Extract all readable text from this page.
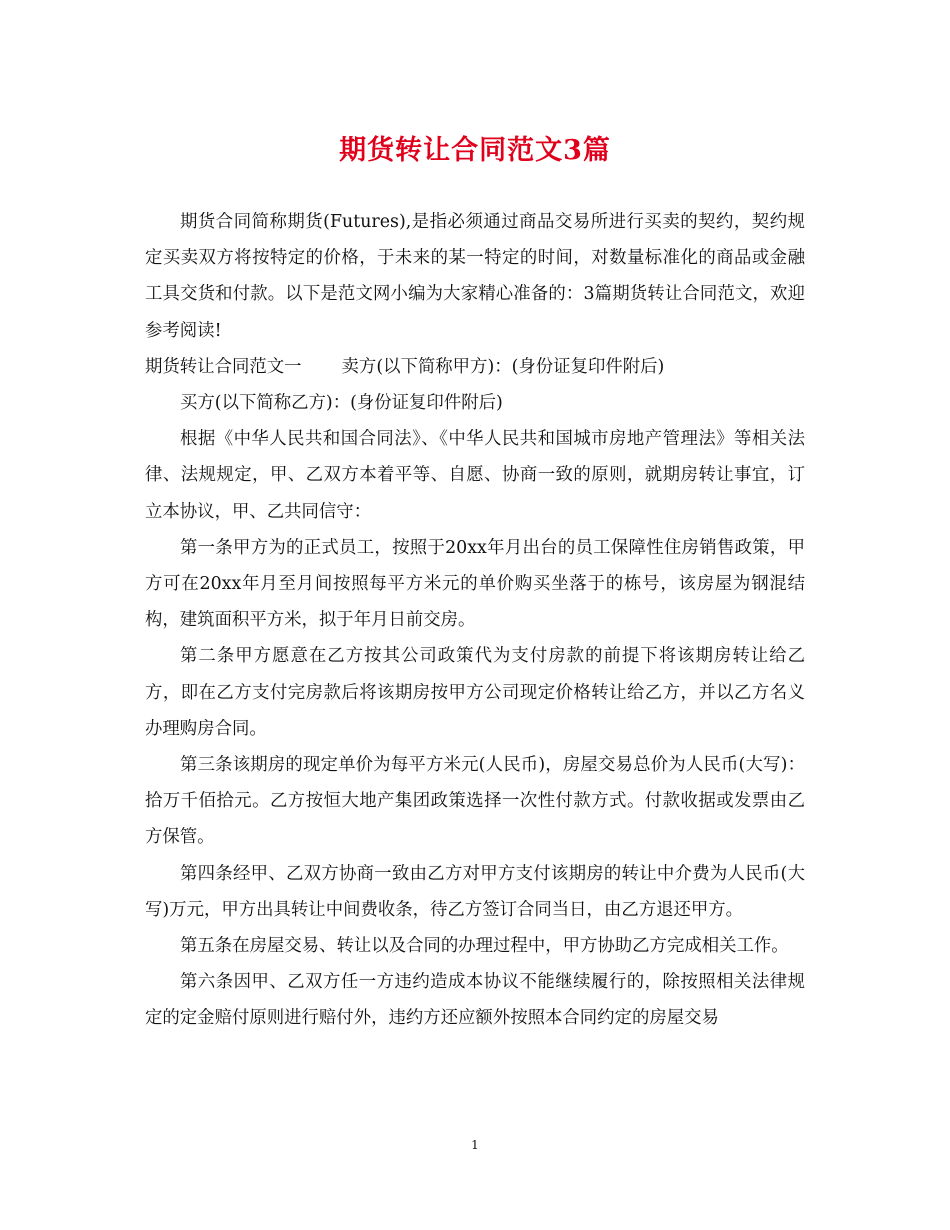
期货转让合同范文3篇

期货合同简称期货(Futures),是指必须通过商品交易所进行买卖的契约，契约规定买卖双方将按特定的价格，于未来的某一特定的时间，对数量标准化的商品或金融工具交货和付款。以下是范文网小编为大家精心准备的：3篇期货转让合同范文，欢迎参考阅读!

期货转让合同范文一 卖方(以下简称甲方)：(身份证复印件附后)

买方(以下简称乙方)：(身份证复印件附后)

根据《中华人民共和国合同法》、《中华人民共和国城市房地产管理法》等相关法律、法规规定，甲、乙双方本着平等、自愿、协商一致的原则，就期房转让事宜，订立本协议，甲、乙共同信守：

第一条甲方为的正式员工，按照于20xx年月出台的员工保障性住房销售政策，甲方可在20xx年月至月间按照每平方米元的单价购买坐落于的栋号，该房屋为钢混结构，建筑面积平方米，拟于年月日前交房。

第二条甲方愿意在乙方按其公司政策代为支付房款的前提下将该期房转让给乙方，即在乙方支付完房款后将该期房按甲方公司现定价格转让给乙方，并以乙方名义办理购房合同。

第三条该期房的现定单价为每平方米元(人民币)，房屋交易总价为人民币(大写)：拾万千佰拾元。乙方按恒大地产集团政策选择一次性付款方式。付款收据或发票由乙方保管。

第四条经甲、乙双方协商一致由乙方对甲方支付该期房的转让中介费为人民币(大写)万元，甲方出具转让中间费收条，待乙方签订合同当日，由乙方退还甲方。

第五条在房屋交易、转让以及合同的办理过程中，甲方协助乙方完成相关工作。

第六条因甲、乙双方任一方违约造成本协议不能继续履行的，除按照相关法律规定的定金赔付原则进行赔付外，违约方还应额外按照本合同约定的房屋交易

1
